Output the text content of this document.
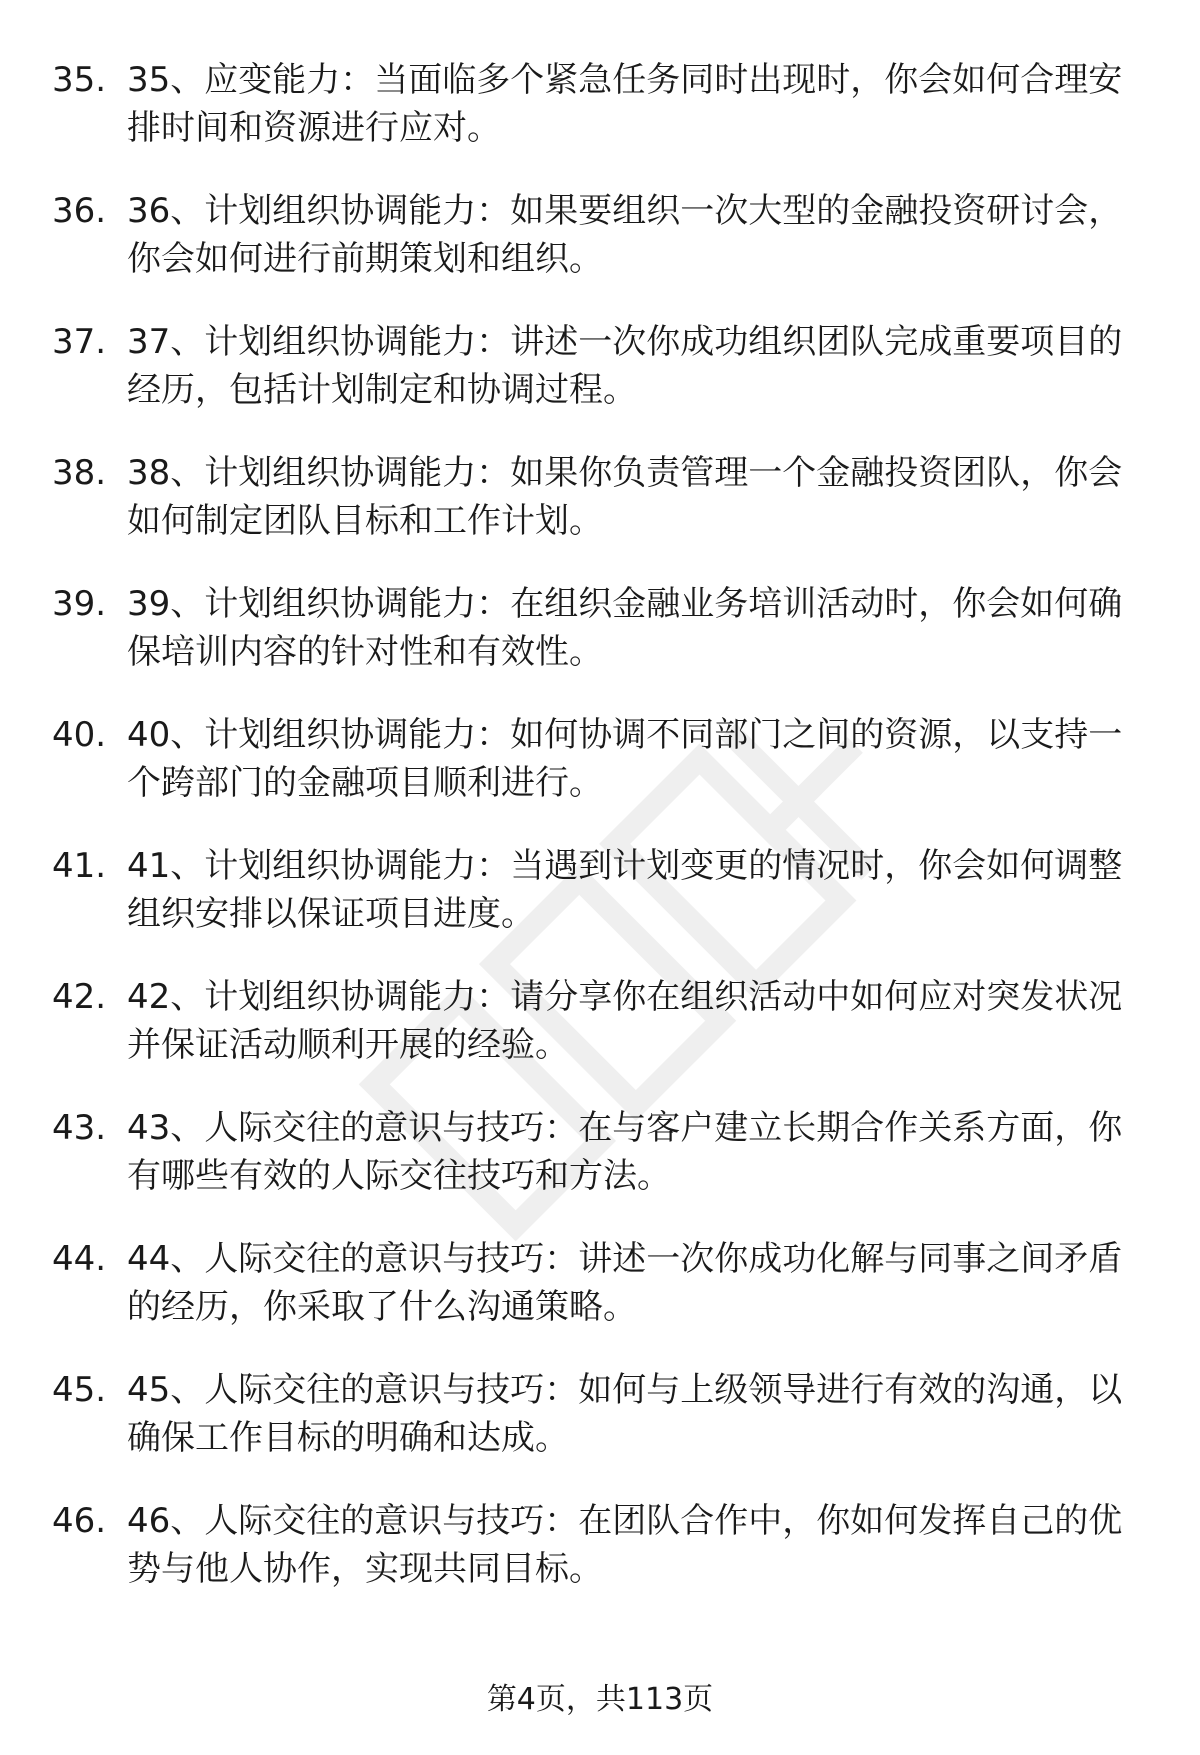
35. 35、应变能力：当面临多个紧急任务同时出现时，你会如何合理安排时间和资源进行应对。
36. 36、计划组织协调能力：如果要组织一次大型的金融投资研讨会，你会如何进行前期策划和组织。
37. 37、计划组织协调能力：讲述一次你成功组织团队完成重要项目的经历，包括计划制定和协调过程。
38. 38、计划组织协调能力：如果你负责管理一个金融投资团队，你会如何制定团队目标和工作计划。
39. 39、计划组织协调能力：在组织金融业务培训活动时，你会如何确保培训内容的针对性和有效性。
40. 40、计划组织协调能力：如何协调不同部门之间的资源，以支持一个跨部门的金融项目顺利进行。
41. 41、计划组织协调能力：当遇到计划变更的情况时，你会如何调整组织安排以保证项目进度。
42. 42、计划组织协调能力：请分享你在组织活动中如何应对突发状况并保证活动顺利开展的经验。
43. 43、人际交往的意识与技巧：在与客户建立长期合作关系方面，你有哪些有效的人际交往技巧和方法。
44. 44、人际交往的意识与技巧：讲述一次你成功化解与同事之间矛盾的经历，你采取了什么沟通策略。
45. 45、人际交往的意识与技巧：如何与上级领导进行有效的沟通，以确保工作目标的明确和达成。
46. 46、人际交往的意识与技巧：在团队合作中，你如何发挥自己的优势与他人协作，实现共同目标。
第4页，共113页
